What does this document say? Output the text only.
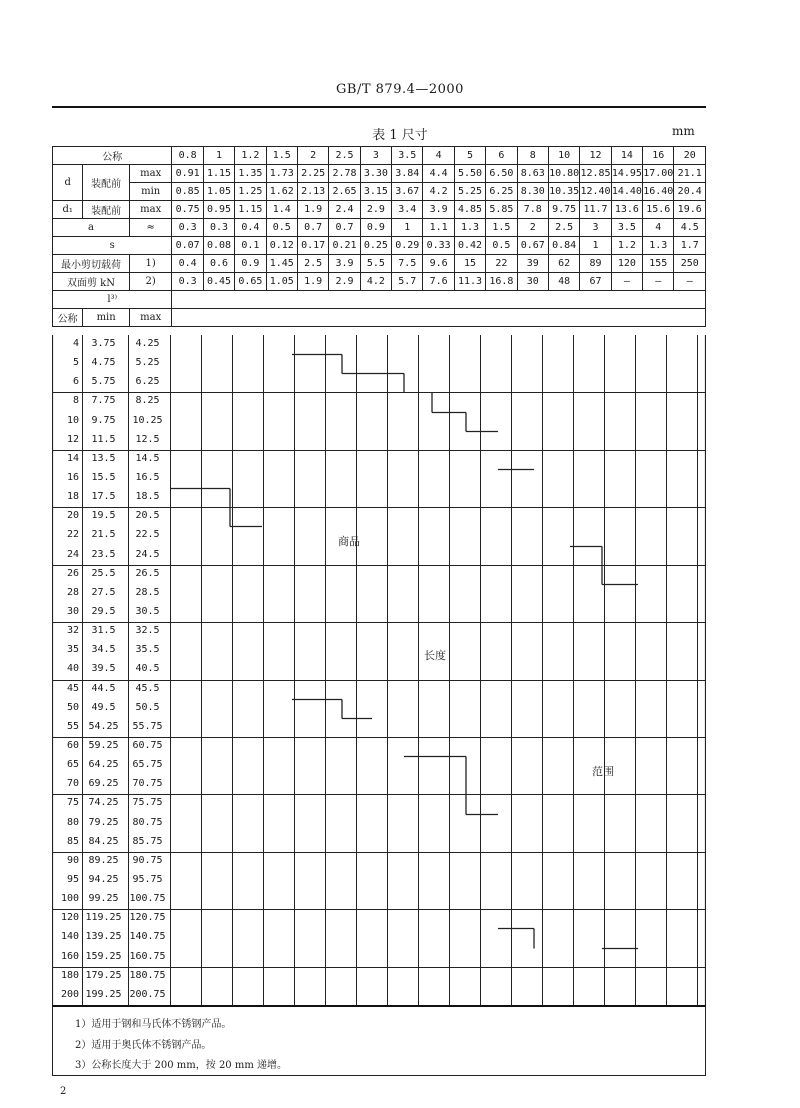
GB/T 879.4—2000
表 1 尺寸	mm
公称			0.8	1	1.2	1.5	2	2.5	3	3.5	4	5	6	8	10	12	14	16	20
d	装配前	max	0.91	1.15	1.35	1.73	2.25	2.78	3.30	3.84	4.4	5.50	6.50	8.63	10.80	12.85	14.95	17.00	21.1
		min	0.85	1.05	1.25	1.62	2.13	2.65	3.15	3.67	4.2	5.25	6.25	8.30	10.35	12.40	14.40	16.40	20.4
d₁	装配前	max	0.75	0.95	1.15	1.4	1.9	2.4	2.9	3.4	3.9	4.85	5.85	7.8	9.75	11.7	13.6	15.6	19.6
a		≈	0.3	0.3	0.4	0.5	0.7	0.7	0.9	1	1.1	1.3	1.5	2	2.5	3	3.5	4	4.5
s			0.07	0.08	0.1	0.12	0.17	0.21	0.25	0.29	0.33	0.42	0.5	0.67	0.84	1	1.2	1.3	1.7
最小剪切载荷		1)	0.4	0.6	0.9	1.45	2.5	3.9	5.5	7.5	9.6	15	22	39	62	89	120	155	250
双面剪 kN		2)	0.3	0.45	0.65	1.05	1.9	2.9	4.2	5.7	7.6	11.3	16.8	30	48	67	—	—	—
l³⁾																			
公称	min	max																	
4	3.75	4.25
5	4.75	5.25
6	5.75	6.25
8	7.75	8.25
10	9.75	10.25
12	11.5	12.5
14	13.5	14.5
16	15.5	16.5
18	17.5	18.5
20	19.5	20.5
22	21.5	22.5
24	23.5	24.5
26	25.5	26.5
28	27.5	28.5
30	29.5	30.5
32	31.5	32.5
35	34.5	35.5
40	39.5	40.5
45	44.5	45.5
50	49.5	50.5
55 54.25	55.75
60 59.25	60.75
65 64.25	65.75
70 69.25	70.75
75 74.25	75.75
80 79.25	80.75
85 84.25	85.75
90 89.25	90.75
95 94.25	95.75
100 99.25	100.75
120 119.25 120.75
140 139.25 140.75
160 159.25 160.75
180 179.25 180.75
200 199.25 200.75
商品
长度
范围
1）适用于钢和马氏体不锈钢产品。
2）适用于奥氏体不锈钢产品。
3）公称长度大于 200 mm，按 20 mm 递增。
2
